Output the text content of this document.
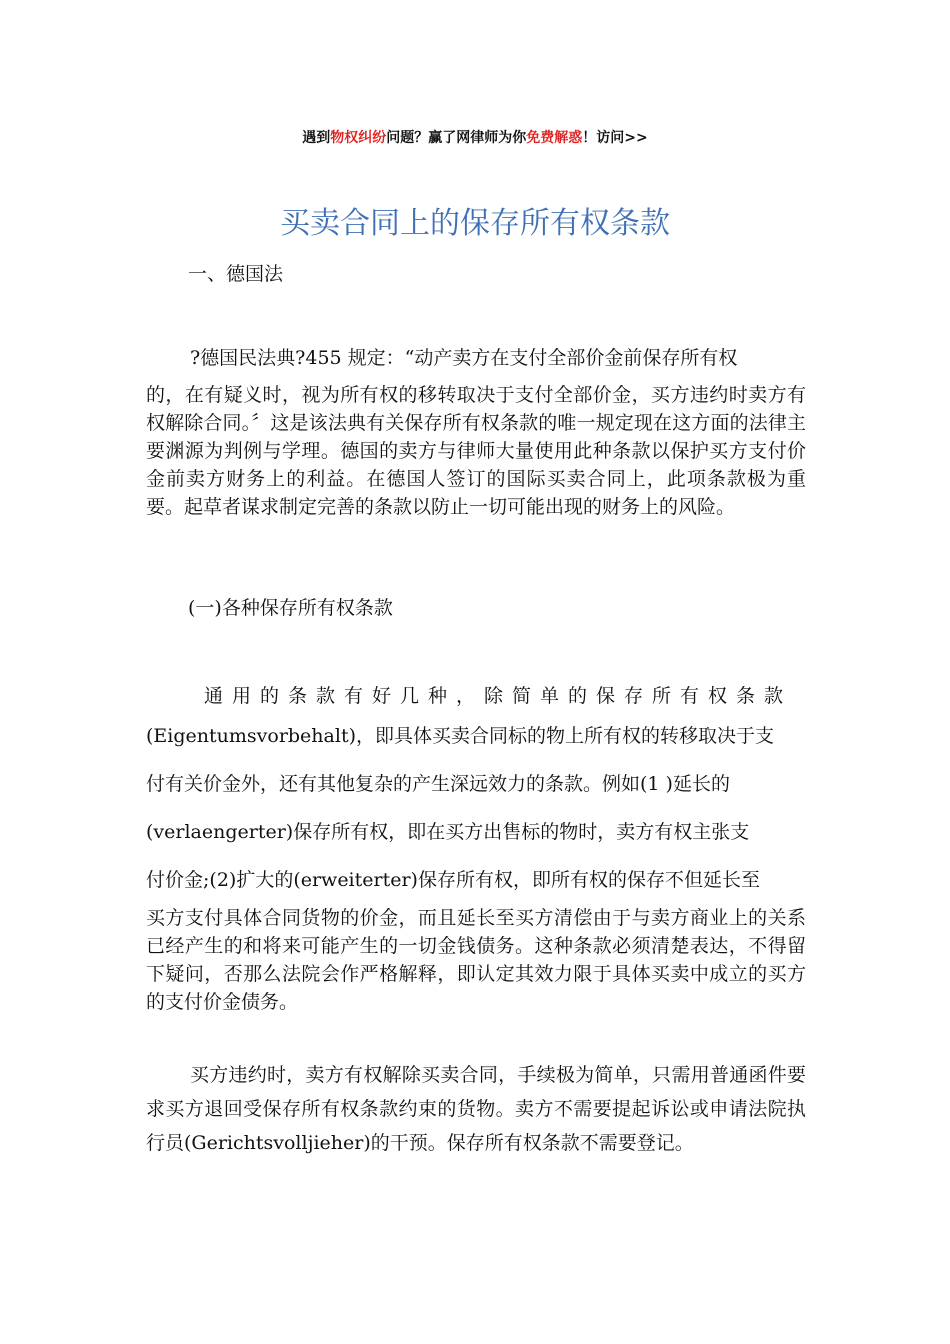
遇到物权纠纷问题？赢了网律师为你免费解惑！访问>>
买卖合同上的保存所有权条款
一、德国法
?德国民法典?455 规定：“动产卖方在支付全部价金前保存所有权
的，在有疑义时，视为所有权的移转取决于支付全部价金，买方违约时卖方有权解除合同。〞这是该法典有关保存所有权条款的唯一规定现在这方面的法律主要渊源为判例与学理。德国的卖方与律师大量使用此种条款以保护买方支付价金前卖方财务上的利益。在德国人签订的国际买卖合同上，此项条款极为重要。起草者谋求制定完善的条款以防止一切可能出现的财务上的风险。
(一)各种保存所有权条款
通用的条款有好几种，除简单的保存所有权条款
(Eigentumsvorbehalt)，即具体买卖合同标的物上所有权的转移取决于支
付有关价金外，还有其他复杂的产生深远效力的条款。例如(1 )延长的
(verlaengerter)保存所有权，即在买方出售标的物时，卖方有权主张支
付价金;(2)扩大的(erweiterter)保存所有权，即所有权的保存不但延长至
买方支付具体合同货物的价金，而且延长至买方清偿由于与卖方商业上的关系已经产生的和将来可能产生的一切金钱债务。这种条款必须清楚表达，不得留下疑问，否那么法院会作严格解释，即认定其效力限于具体买卖中成立的买方的支付价金债务。
买方违约时，卖方有权解除买卖合同，手续极为简单，只需用普通函件要求买方退回受保存所有权条款约束的货物。卖方不需要提起诉讼或申请法院执行员(Gerichtsvolljieher)的干预。保存所有权条款不需要登记。
